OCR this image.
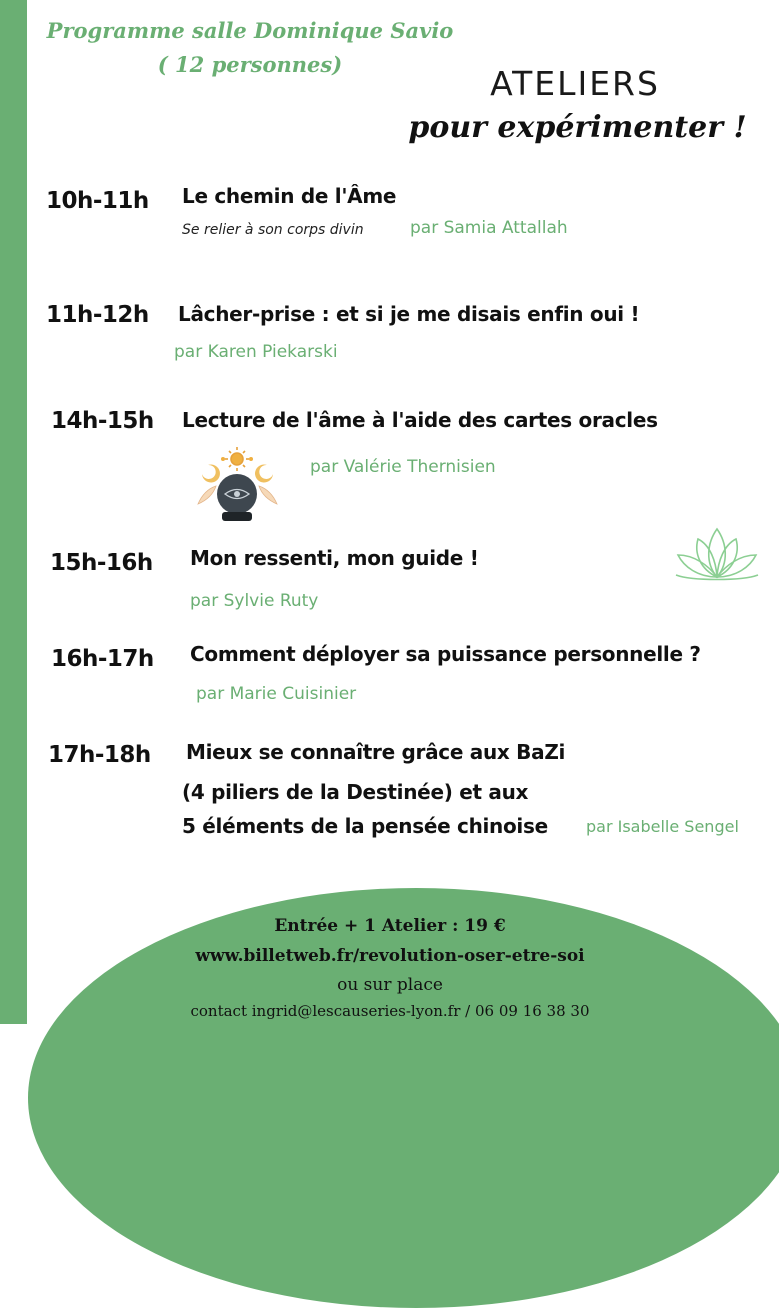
Programme salle Dominique Savio
( 12 personnes)	ATELIERS
pour expérimenter !
10h-11h Le chemin de l'Âme
Se relier à son corps divin	par Samia Attallah
11h-12h Lâcher-prise : et si je me disais enfin oui !
par Karen Piekarski
14h-15h Lecture de l'âme à l'aide des cartes oracles
par Valérie Thernisien
15h-16h Mon ressenti, mon guide !
par Sylvie Ruty
16h-17h Comment déployer sa puissance personnelle ?
par Marie Cuisinier
17h-18h Mieux se connaître grâce aux BaZi
(4 piliers de la Destinée) et aux
5 éléments de la pensée chinoise par Isabelle Sengel
Entrée + 1 Atelier : 19 €
www.billetweb.fr/revolution-oser-etre-soi
ou sur place
contact ingrid@lescauseries-lyon.fr / 06 09 16 38 30
